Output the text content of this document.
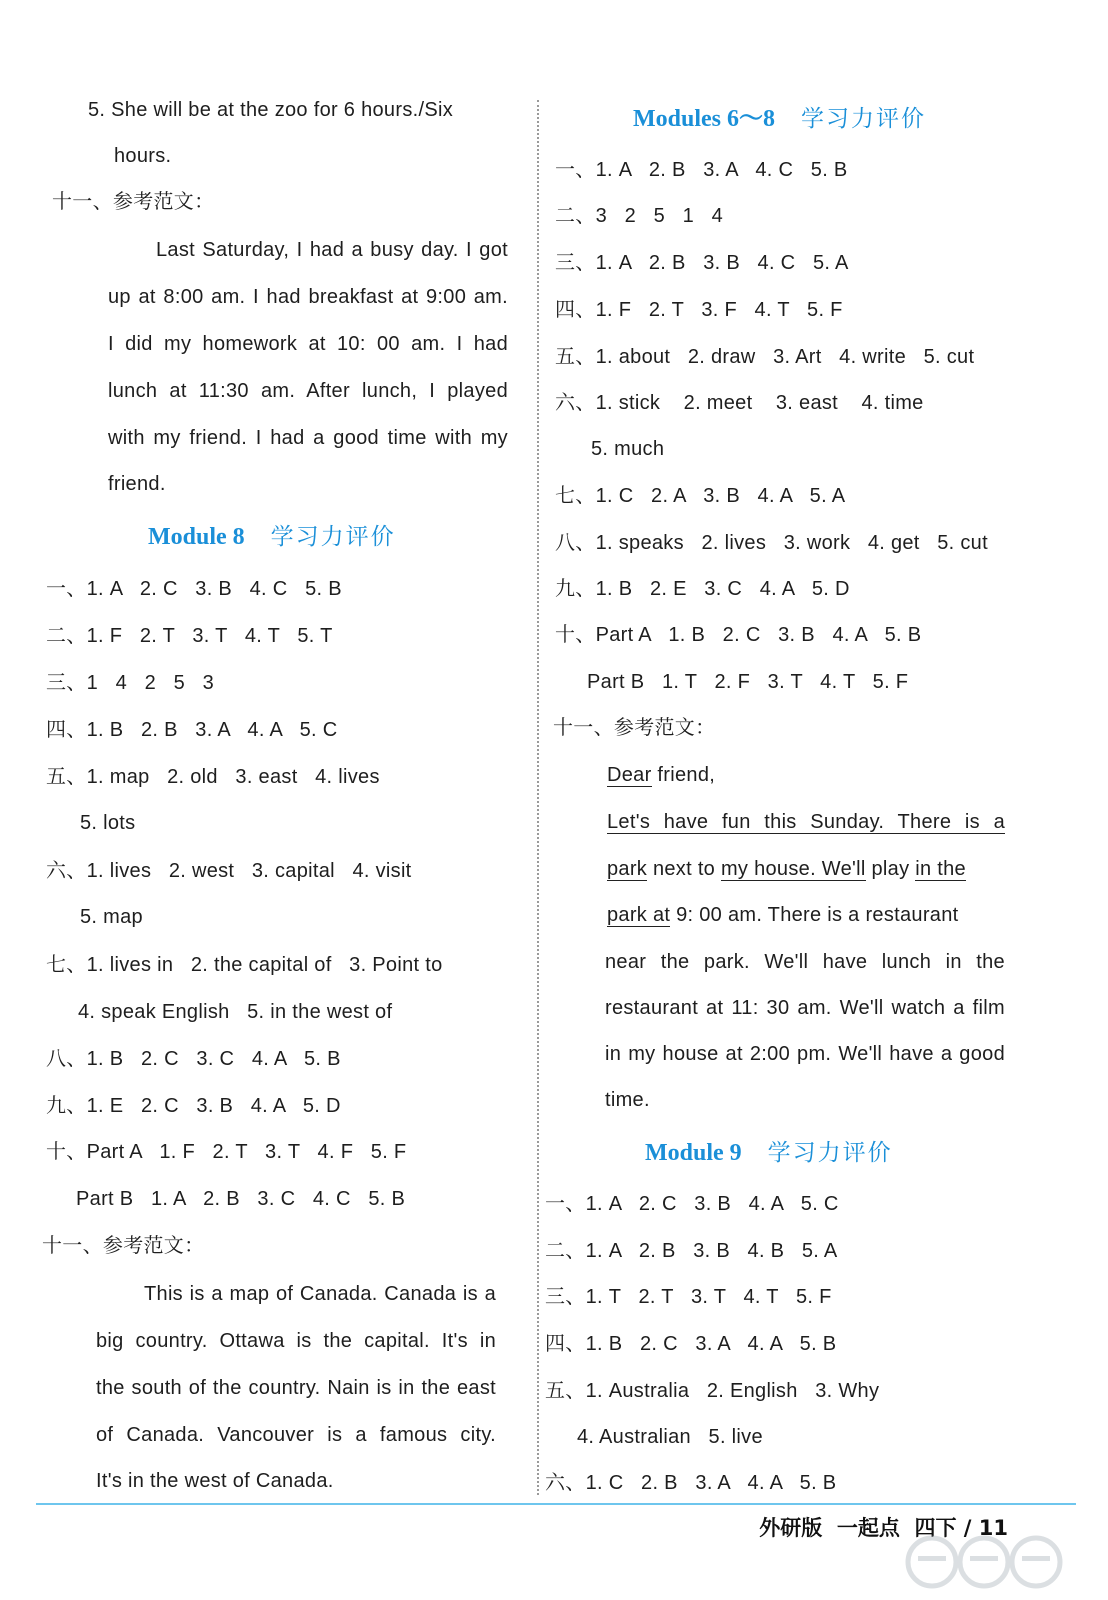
5. She will be at the zoo for 6 hours./Six
hours.
十一、参考范文：
Last Saturday, I had a busy day. I got
up at 8:00 am. I had breakfast at 9:00 am.
I did my homework at 10: 00 am. I had
lunch at 11:30 am. After lunch, I played
with my friend. I had a good time with my
friend.
Module 8 学习力评价
一、1. A   2. C   3. B   4. C   5. B
二、1. F   2. T   3. T   4. T   5. T
三、1   4   2   5   3
四、1. B   2. B   3. A   4. A   5. C
五、1. map   2. old   3. east   4. lives
5. lots
六、1. lives   2. west   3. capital   4. visit
5. map
七、1. lives in   2. the capital of   3. Point to
4. speak English   5. in the west of
八、1. B   2. C   3. C   4. A   5. B
九、1. E   2. C   3. B   4. A   5. D
十、Part A   1. F   2. T   3. T   4. F   5. F
Part B   1. A   2. B   3. C   4. C   5. B
十一、参考范文：
This is a map of Canada. Canada is a
big country. Ottawa is the capital. It's in
the south of the country. Nain is in the east
of Canada. Vancouver is a famous city.
It's in the west of Canada.
Modules 6～8 学习力评价
一、1. A   2. B   3. A   4. C   5. B
二、3   2   5   1   4
三、1. A   2. B   3. B   4. C   5. A
四、1. F   2. T   3. F   4. T   5. F
五、1. about   2. draw   3. Art   4. write   5. cut
六、1. stick    2. meet    3. east    4. time
5. much
七、1. C   2. A   3. B   4. A   5. A
八、1. speaks   2. lives   3. work   4. get   5. cut
九、1. B   2. E   3. C   4. A   5. D
十、Part A   1. B   2. C   3. B   4. A   5. B
Part B   1. T   2. F   3. T   4. T   5. F
十一、参考范文：
Dear friend,
Let's have fun this Sunday. There is a
park next to my house. We'll play in the
park at 9: 00 am. There is a restaurant
near the park. We'll have lunch in the
restaurant at 11: 30 am. We'll watch a film
in my house at 2:00 pm. We'll have a good
time.
Module 9 学习力评价
一、1. A   2. C   3. B   4. A   5. C
二、1. A   2. B   3. B   4. B   5. A
三、1. T   2. T   3. T   4. T   5. F
四、1. B   2. C   3. A   4. A   5. B
五、1. Australia   2. English   3. Why
4. Australian   5. live
六、1. C   2. B   3. A   4. A   5. B
外研版  一起点  四下 / 11
